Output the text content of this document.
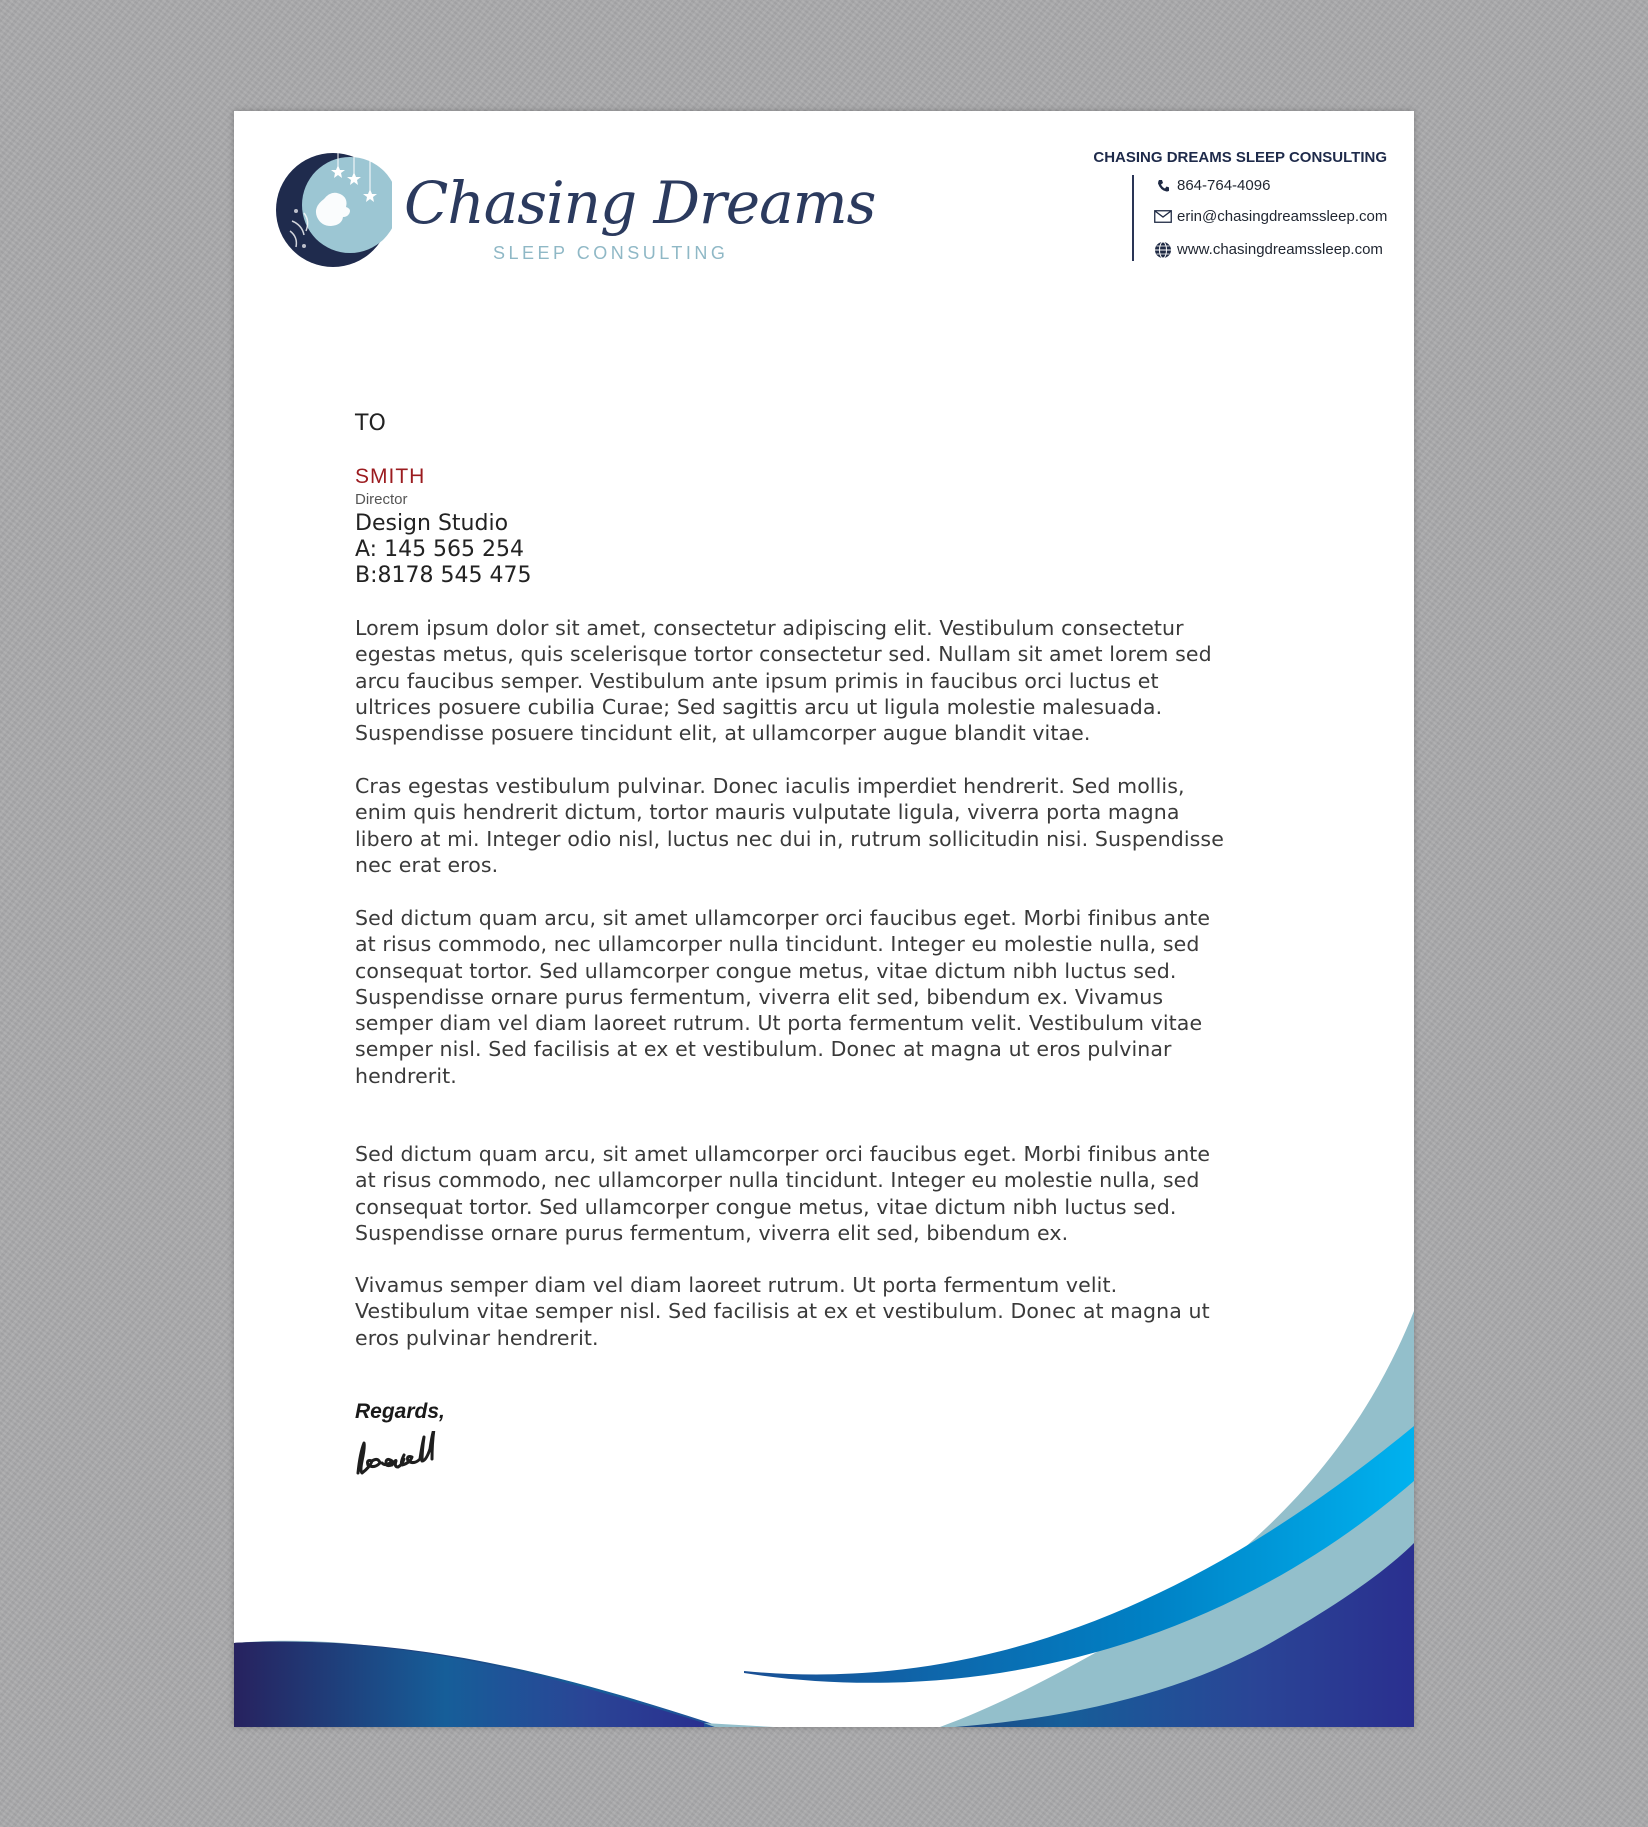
Chasing Dreams
SLEEP CONSULTING
CHASING DREAMS SLEEP CONSULTING
864-764-4096
erin@chasingdreamssleep.com
www.chasingdreamssleep.com
TO
SMITH
Director
Design Studio
A: 145 565 254
B:8178 545 475

Lorem ipsum dolor sit amet, consectetur adipiscing elit. Vestibulum consectetur

egestas metus, quis scelerisque tortor consectetur sed. Nullam sit amet lorem sed

arcu faucibus semper. Vestibulum ante ipsum primis in faucibus orci luctus et

ultrices posuere cubilia Curae; Sed sagittis arcu ut ligula molestie malesuada.

Suspendisse posuere tincidunt elit, at ullamcorper augue blandit vitae.

Cras egestas vestibulum pulvinar. Donec iaculis imperdiet hendrerit. Sed mollis,

enim quis hendrerit dictum, tortor mauris vulputate ligula, viverra porta magna

libero at mi. Integer odio nisl, luctus nec dui in, rutrum sollicitudin nisi. Suspendisse

nec erat eros.

Sed dictum quam arcu, sit amet ullamcorper orci faucibus eget. Morbi finibus ante

at risus commodo, nec ullamcorper nulla tincidunt. Integer eu molestie nulla, sed

consequat tortor. Sed ullamcorper congue metus, vitae dictum nibh luctus sed.

Suspendisse ornare purus fermentum, viverra elit sed, bibendum ex. Vivamus

semper diam vel diam laoreet rutrum. Ut porta fermentum velit. Vestibulum vitae

semper nisl. Sed facilisis at ex et vestibulum. Donec at magna ut eros pulvinar

hendrerit.

Sed dictum quam arcu, sit amet ullamcorper orci faucibus eget. Morbi finibus ante

at risus commodo, nec ullamcorper nulla tincidunt. Integer eu molestie nulla, sed

consequat tortor. Sed ullamcorper congue metus, vitae dictum nibh luctus sed.

Suspendisse ornare purus fermentum, viverra elit sed, bibendum ex.

Vivamus semper diam vel diam laoreet rutrum. Ut porta fermentum velit.

Vestibulum vitae semper nisl. Sed facilisis at ex et vestibulum. Donec at magna ut

eros pulvinar hendrerit.

Regards,
